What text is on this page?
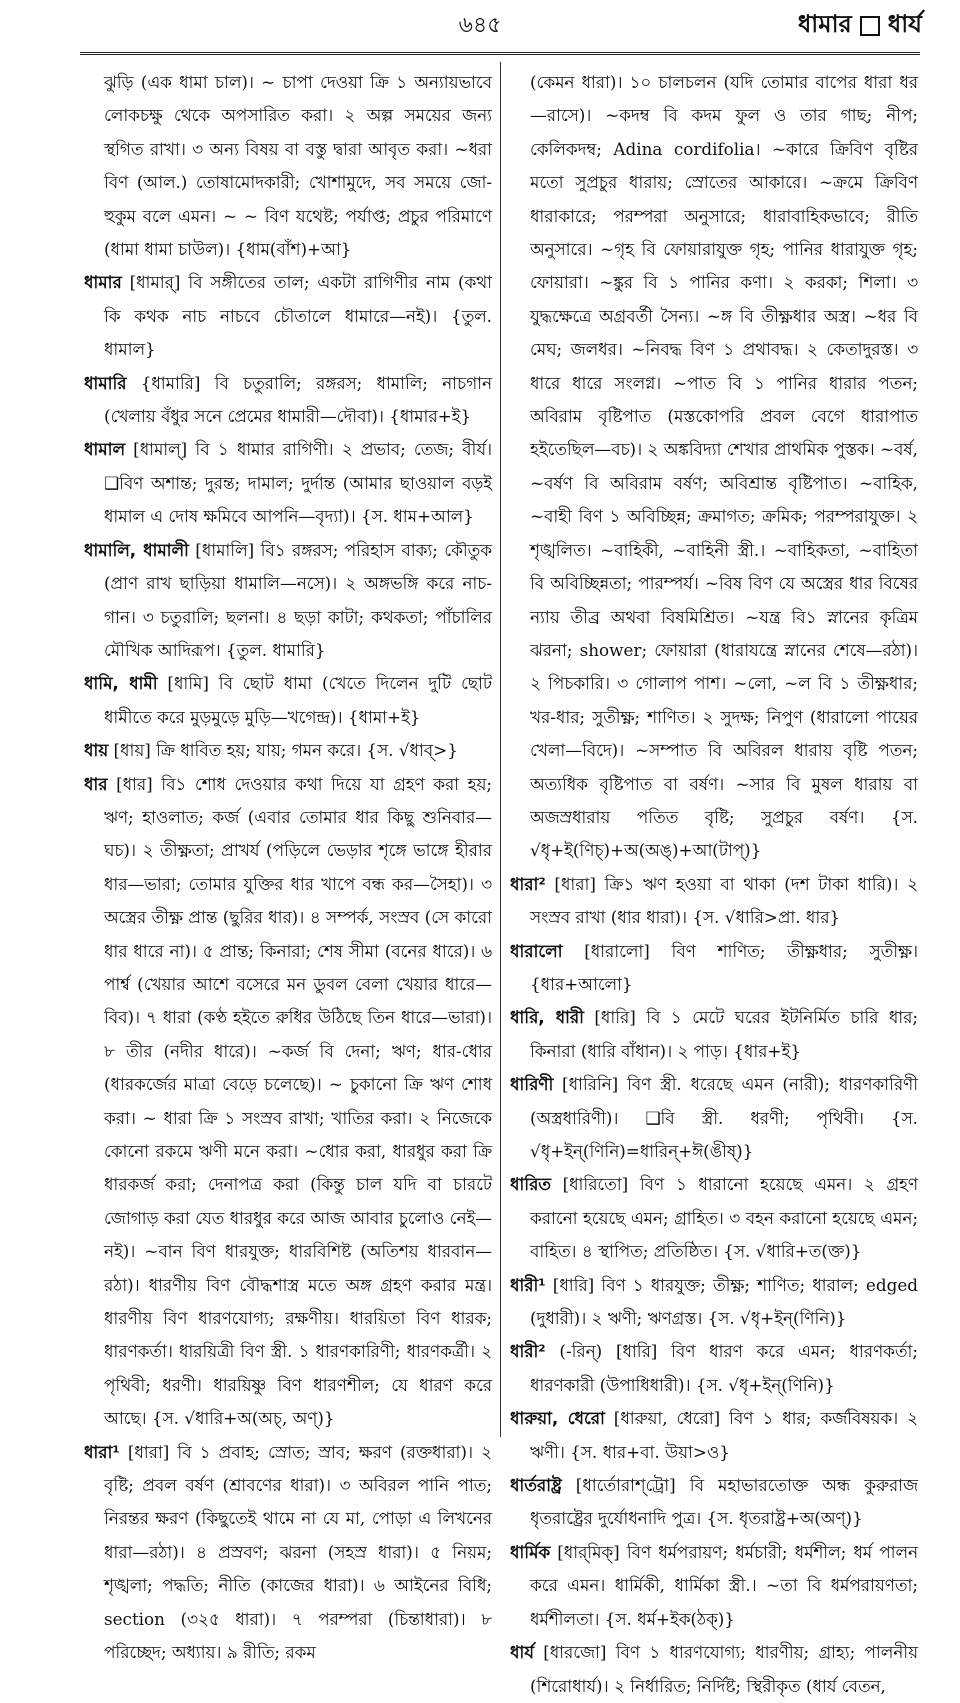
৬৪৫	ধামার ধার্য

ঝুড়ি (এক ধামা চাল)। ~ চাপা দেওয়া ক্রি ১ অন্যায়ভাবে লোকচক্ষু থেকে অপসারিত করা। ২ অল্প সময়ের জন্য স্থগিত রাখা। ৩ অন্য বিষয় বা বস্তু দ্বারা আবৃত করা। ~ধরা বিণ (আল.) তোষামোদকারী; খোশামুদে, সব সময়ে জো-হুকুম বলে এমন। ~ ~ বিণ যথেষ্ট; পর্যাপ্ত; প্রচুর পরিমাণে (ধামা ধামা চাউল)। {ধাম(বাঁশ)+আ}

ধামার [ধামার্] বি সঙ্গীতের তাল; একটা রাগিণীর নাম (কথা কি কথক নাচ নাচবে চৌতালে ধামারে—নই)। {তুল. ধামাল}

ধামারি {ধামারি] বি চতুরালি; রঙ্গরস; ধামালি; নাচগান (খেলায় বঁধুর সনে প্রেমের ধামারী—দৌবা)। {ধামার+ই}

ধামাল [ধামাল্] বি ১ ধামার রাগিণী। ২ প্রভাব; তেজ; বীর্য। ❑বিণ অশান্ত; দুরন্ত; দামাল; দুর্দান্ত (আমার ছাওয়াল বড়ই ধামাল এ দোষ ক্ষমিবে আপনি—বৃদ্যা)। {স. ধাম+আল}

ধামালি, ধামালী [ধামালি] বি১ রঙ্গরস; পরিহাস বাক্য; কৌতুক (প্রাণ রাখ ছাড়িয়া ধামালি—নসে)। ২ অঙ্গভঙ্গি করে নাচ-গান। ৩ চতুরালি; ছলনা। ৪ ছড়া কাটা; কথকতা; পাঁচালির মৌখিক আদিরূপ। {তুল. ধামারি}

ধামি, ধামী [ধামি] বি ছোট ধামা (খেতে দিলেন দুটি ছোট ধামীতে করে মুড়মুড়ে মুড়ি—খগেন্দ্র)। {ধামা+ই}

ধায় [ধায়] ক্রি ধাবিত হয়; যায়; গমন করে। {স. √ধাব্>}

ধার [ধার] বি১ শোধ দেওয়ার কথা দিয়ে যা গ্রহণ করা হয়; ঋণ; হাওলাত; কর্জ (এবার তোমার ধার কিছু শুনিবার—ঘচ)। ২ তীক্ষ্ণতা; প্রাখর্য (পড়িলে ভেড়ার শৃঙ্গে ভাঙ্গে হীরার ধার—ভারা; তোমার যুক্তির ধার খাপে বন্ধ কর—সৈহা)। ৩ অস্ত্রের তীক্ষ্ণ প্রান্ত (ছুরির ধার)। ৪ সম্পর্ক, সংস্রব (সে কারো ধার ধারে না)। ৫ প্রান্ত; কিনারা; শেষ সীমা (বনের ধারে)। ৬ পার্শ্ব (খেয়ার আশে বসেরে মন ডুবল বেলা খেয়ার ধারে—বিব)। ৭ ধারা (কণ্ঠ হইতে রুধির উঠিছে তিন ধারে—ভারা)। ৮ তীর (নদীর ধারে)। ~কর্জ বি দেনা; ঋণ; ধার-ধোর (ধারকর্জের মাত্রা বেড়ে চলেছে)। ~ চুকানো ক্রি ঋণ শোধ করা। ~ ধারা ক্রি ১ সংস্রব রাখা; খাতির করা। ২ নিজেকে কোনো রকমে ঋণী মনে করা। ~ধোর করা, ধারধুর করা ক্রি ধারকর্জ করা; দেনাপত্র করা (কিন্তু চাল যদি বা চারটে জোগাড় করা যেত ধারধুর করে আজ আবার চুলোও নেই—নই)। ~বান বিণ ধারযুক্ত; ধারবিশিষ্ট (অতিশয় ধারবান—রঠা)। ধারণীয় বিণ বৌদ্ধশাস্ত্র মতে অঙ্গ গ্রহণ করার মন্ত্র। ধারণীয় বিণ ধারণযোগ্য; রক্ষণীয়। ধারয়িতা বিণ ধারক; ধারণকর্তা। ধারয়িত্রী বিণ স্ত্রী. ১ ধারণকারিণী; ধারণকর্ত্রী। ২ পৃথিবী; ধরণী। ধারয়িষ্ণু বিণ ধারণশীল; যে ধারণ করে আছে। {স. √ধারি+অ(অচ্, অণ্)}

ধারা¹ [ধারা] বি ১ প্রবাহ; স্রোত; স্রাব; ক্ষরণ (রক্তধারা)। ২ বৃষ্টি; প্রবল বর্ষণ (শ্রাবণের ধারা)। ৩ অবিরল পানি পাত; নিরন্তর ক্ষরণ (কিছুতেই থামে না যে মা, পোড়া এ লিখনের ধারা—রঠা)। ৪ প্রস্রবণ; ঝরনা (সহস্র ধারা)। ৫ নিয়ম; শৃঙ্খলা; পদ্ধতি; নীতি (কাজের ধারা)। ৬ আইনের বিধি; section (৩২৫ ধারা)। ৭ পরম্পরা (চিন্তাধারা)। ৮ পরিচ্ছেদ; অধ্যায়। ৯ রীতি; রকম

(কেমন ধারা)। ১০ চালচলন (যদি তোমার বাপের ধারা ধর—রাসে)। ~কদম্ব বি কদম ফুল ও তার গাছ; নীপ; কেলিকদম্ব; Adina cordifolia। ~কারে ক্রিবিণ বৃষ্টির মতো সুপ্রচুর ধারায়; স্রোতের আকারে। ~ক্রমে ক্রিবিণ ধারাকারে; পরম্পরা অনুসারে; ধারাবাহিকভাবে; রীতি অনুসারে। ~গৃহ বি ফোয়ারাযুক্ত গৃহ; পানির ধারাযুক্ত গৃহ; ফোয়ারা। ~ঙ্কুর বি ১ পানির কণা। ২ করকা; শিলা। ৩ যুদ্ধক্ষেত্রে অগ্রবর্তী সৈন্য। ~ঙ্গ বি তীক্ষ্ণধার অস্ত্র। ~ধর বি মেঘ; জলধর। ~নিবদ্ধ বিণ ১ প্রথাবদ্ধ। ২ কেতাদুরস্ত। ৩ ধারে ধারে সংলগ্ন। ~পাত বি ১ পানির ধারার পতন; অবিরাম বৃষ্টিপাত (মস্তকোপরি প্রবল বেগে ধারাপাত হইতেছিল—বচ)। ২ অঙ্কবিদ্যা শেখার প্রাথমিক পুস্তক। ~বর্ষ, ~বর্ষণ বি অবিরাম বর্ষণ; অবিশ্রান্ত বৃষ্টিপাত। ~বাহিক, ~বাহী বিণ ১ অবিচ্ছিন্ন; ক্রমাগত; ক্রমিক; পরম্পরাযুক্ত। ২ শৃঙ্খলিত। ~বাহিকী, ~বাহিনী স্ত্রী.। ~বাহিকতা, ~বাহিতা বি অবিচ্ছিন্নতা; পারম্পর্য। ~বিষ বিণ যে অস্ত্রের ধার বিষের ন্যায় তীব্র অথবা বিষমিশ্রিত। ~যন্ত্র বি১ স্নানের কৃত্রিম ঝরনা; shower; ফোয়ারা (ধারাযন্ত্রে স্নানের শেষে—রঠা)। ২ পিচকারি। ৩ গোলাপ পাশ। ~লো, ~ল বি ১ তীক্ষ্ণধার; খর-ধার; সুতীক্ষ্ণ; শাণিত। ২ সুদক্ষ; নিপুণ (ধারালো পায়ের খেলা—বিদে)। ~সম্পাত বি অবিরল ধারায় বৃষ্টি পতন; অত্যধিক বৃষ্টিপাত বা বর্ষণ। ~সার বি মুষল ধারায় বা অজস্রধারায় পতিত বৃষ্টি; সুপ্রচুর বর্ষণ। {স. √ধৃ+ই(ণিচ্)+অ(অঙ্)+আ(টাপ্)}

ধারা² [ধারা] ক্রি১ ঋণ হওয়া বা থাকা (দশ টাকা ধারি)। ২ সংস্রব রাখা (ধার ধারা)। {স. √ধারি>প্রা. ধার}

ধারালো [ধারালো] বিণ শাণিত; তীক্ষ্ণধার; সুতীক্ষ্ণ। {ধার+আলো}

ধারি, ধারী [ধারি] বি ১ মেটে ঘরের ইটনির্মিত চারি ধার; কিনারা (ধারি বাঁধান)। ২ পাড়। {ধার+ই}

ধারিণী [ধারিনি] বিণ স্ত্রী. ধরেছে এমন (নারী); ধারণকারিণী (অস্ত্রধারিণী)। ❑বি স্ত্রী. ধরণী; পৃথিবী। {স. √ধৃ+ইন্(ণিনি)=ধারিন্+ঈ(ঙীষ্)}

ধারিত [ধারিতো] বিণ ১ ধারানো হয়েছে এমন। ২ গ্রহণ করানো হয়েছে এমন; গ্রাহিত। ৩ বহন করানো হয়েছে এমন; বাহিত। ৪ স্থাপিত; প্রতিষ্ঠিত। {স. √ধারি+ত(ক্ত)}

ধারী¹ [ধারি] বিণ ১ ধারযুক্ত; তীক্ষ্ণ; শাণিত; ধারাল; edged (দুধারী)। ২ ঋণী; ঋণগ্রস্ত। {স. √ধৃ+ইন্(ণিনি)}

ধারী² (-রিন্) [ধারি] বিণ ধারণ করে এমন; ধারণকর্তা; ধারণকারী (উপাধিধারী)। {স. √ধৃ+ইন্(ণিনি)}

ধারুয়া, ধেরো [ধারুয়া, ধেরো] বিণ ১ ধার; কর্জবিষয়ক। ২ ঋণী। {স. ধার+বা. উয়া>ও}

ধার্তরাষ্ট্র [ধার্তোরাশ্‌ট্রো] বি মহাভারতোক্ত অন্ধ কুরুরাজ ধৃতরাষ্ট্রের দুর্যোধনাদি পুত্র। {স. ধৃতরাষ্ট্র+অ(অণ্)}

ধার্মিক [ধার্‌মিক্] বিণ ধর্মপরায়ণ; ধর্মচারী; ধর্মশীল; ধর্ম পালন করে এমন। ধার্মিকী, ধার্মিকা স্ত্রী.। ~তা বি ধর্মপরায়ণতা; ধর্মশীলতা। {স. ধর্ম+ইক(ঠক্)}

ধার্য [ধারজো] বিণ ১ ধারণযোগ্য; ধারণীয়; গ্রাহ্য; পালনীয় (শিরোধার্য)। ২ নির্ধারিত; নির্দিষ্ট; স্থিরীকৃত (ধার্য বেতন,
